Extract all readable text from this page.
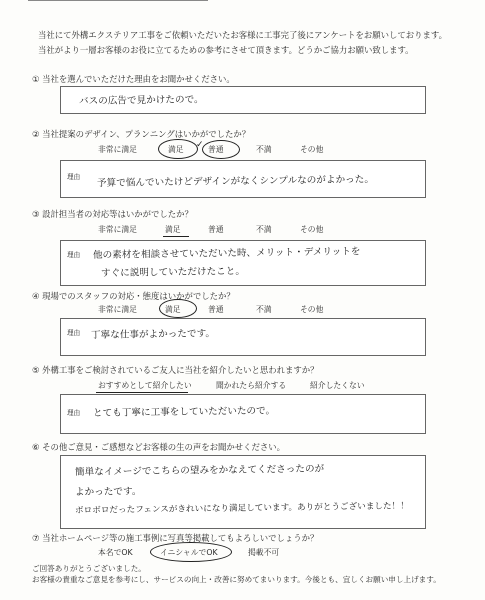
当社にて外構エクステリア工事をご依頼いただいたお客様に工事完了後にアンケートをお願いしております。
当社がより一層お客様のお役に立てるための参考にさせて頂きます。どうかご協力お願い致します。
① 当社を選んでいただけた理由をお聞かせください。
バスの広告で見かけたので。
② 当社提案のデザイン、プランニングはいかがでしたか？
非常に満足	満足	普通	不満	その他
✓
理由 予算で悩んでいたけどデザインがなくシンプルなのがよかった。
③ 設計担当者の対応等はいかがでしたか？
非常に満足	満足	普通	不満	その他
理由 他の素材を相談させていただいた時、メリット・デメリットを
すぐに説明していただけたこと。
④ 現場でのスタッフの対応・態度はいかがでしたか？
非常に満足	満足	普通	不満	その他
理由 丁寧な仕事がよかったです。
⑤ 外構工事をご検討されているご友人に当社を紹介したいと思われますか？
おすすめとして紹介したい	聞かれたら紹介する	紹介したくない
理由 とても丁寧に工事をしていただいたので。
⑥ その他ご意見・ご感想などお客様の生の声をお聞かせください。
簡単なイメージでこちらの望みをかなえてくださったのが
よかったです。
ボロボロだったフェンスがきれいになり満足しています。ありがとうございました！！
⑦ 当社ホームページ等の施工事例に写真等掲載してもよろしいでしょうか？
本名でOK	イニシャルでOK	掲載不可
ご回答ありがとうございました。
お客様の貴重なご意見を参考にし、サービスの向上・改善に努めてまいります。今後とも、宜しくお願い申し上げます。
